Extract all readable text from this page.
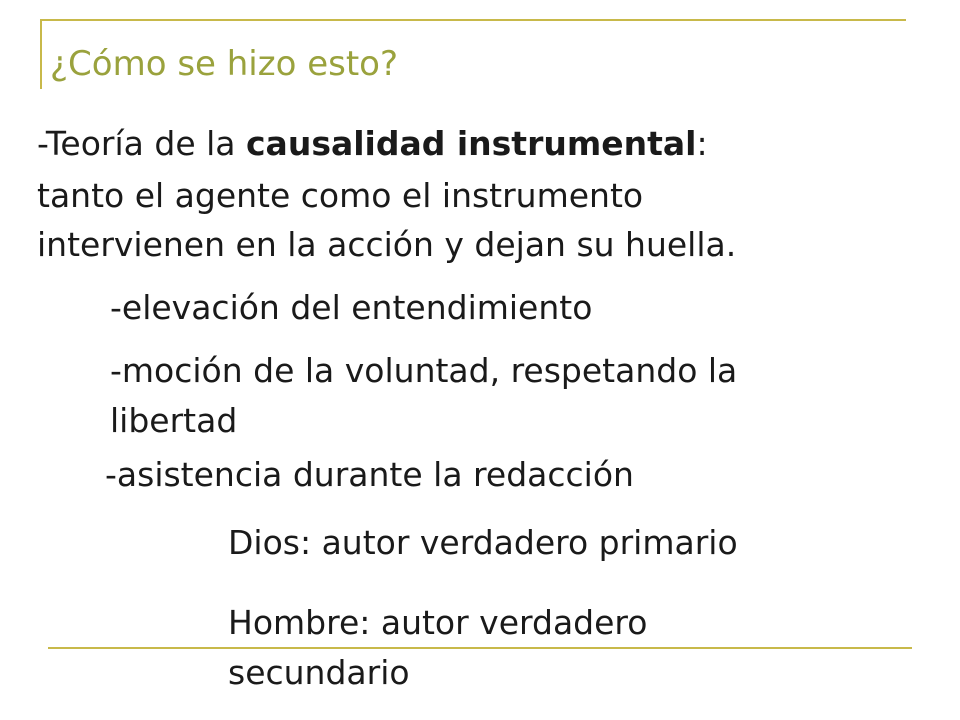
¿Cómo se hizo esto?
-Teoría de la causalidad instrumental:
tanto el agente como el instrumento
intervienen en la acción y dejan su huella.
-elevación del entendimiento
-moción de la voluntad, respetando la
libertad
-asistencia durante la redacción
Dios: autor verdadero primario
Hombre: autor verdadero
secundario
